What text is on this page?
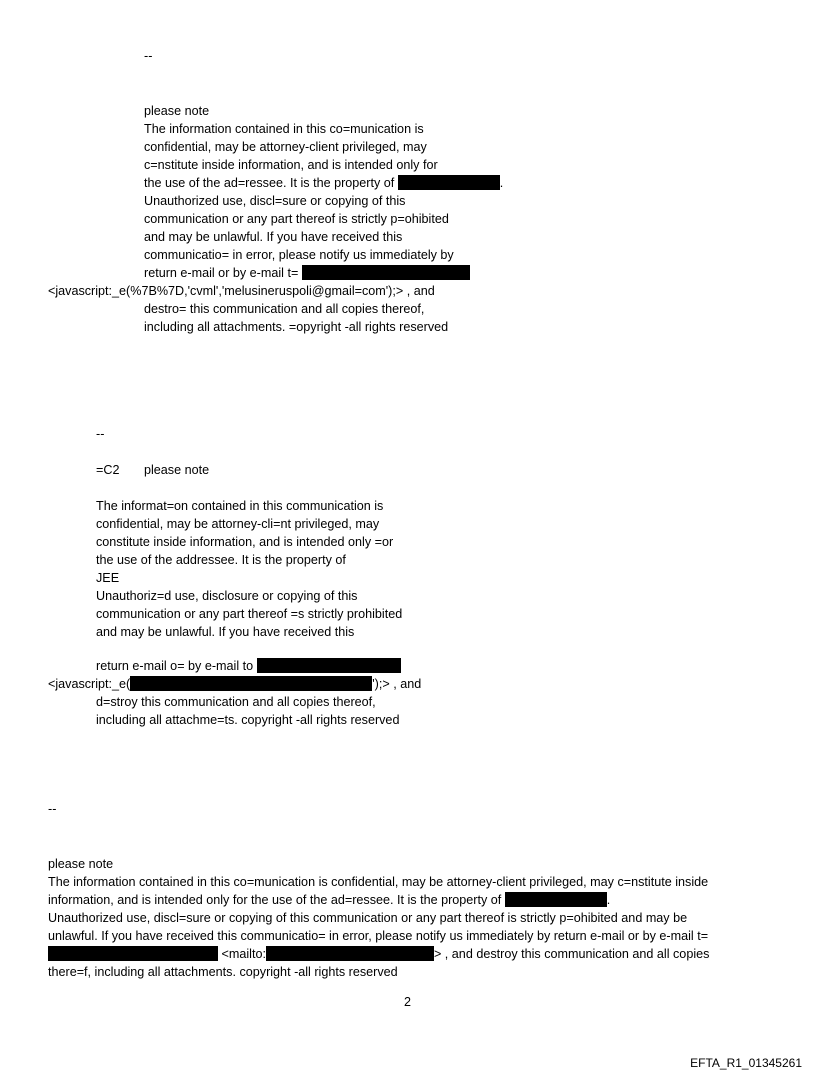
--
please note
The information contained in this co=munication is
confidential, may be attorney-client privileged, may
c=nstitute inside information, and is intended only for
the use of the ad=ressee. It is the property of	.
Unauthorized use, discl=sure or copying of this
communication or any part thereof is strictly p=ohibited
and may be unlawful. If you have received this
communicatio= in error, please notify us immediately by
return e-mail or by e-mail t=
<javascript:_e(%7B%7D,'cvml','melusineruspoli@gmail=com');> , and
destro= this communication and all copies thereof,
including all attachments. =opyright -all rights reserved
--
=C2 please note
The informat=on contained in this communication is
confidential, may be attorney-cli=nt privileged, may
constitute inside information, and is intended only =or
the use of the addressee. It is the property of
JEE
Unauthoriz=d use, disclosure or copying of this
communication or any part thereof =s strictly prohibited
and may be unlawful. If you have received this
return e-mail o= by e-mail to
<javascript:_e(	');> , and
d=stroy this communication and all copies thereof,
including all attachme=ts. copyright -all rights reserved
--
please note
The information contained in this co=munication is confidential, may be attorney-client privileged, may c=nstitute inside
information, and is intended only for the use of the ad=ressee. It is the property of	.
Unauthorized use, discl=sure or copying of this communication or any part thereof is strictly p=ohibited and may be
unlawful. If you have received this communicatio= in error, please notify us immediately by return e-mail or by e-mail t=
<mailto:	> , and destroy this communication and all copies
there=f, including all attachments. copyright -all rights reserved
2
EFTA_R1_01345261
